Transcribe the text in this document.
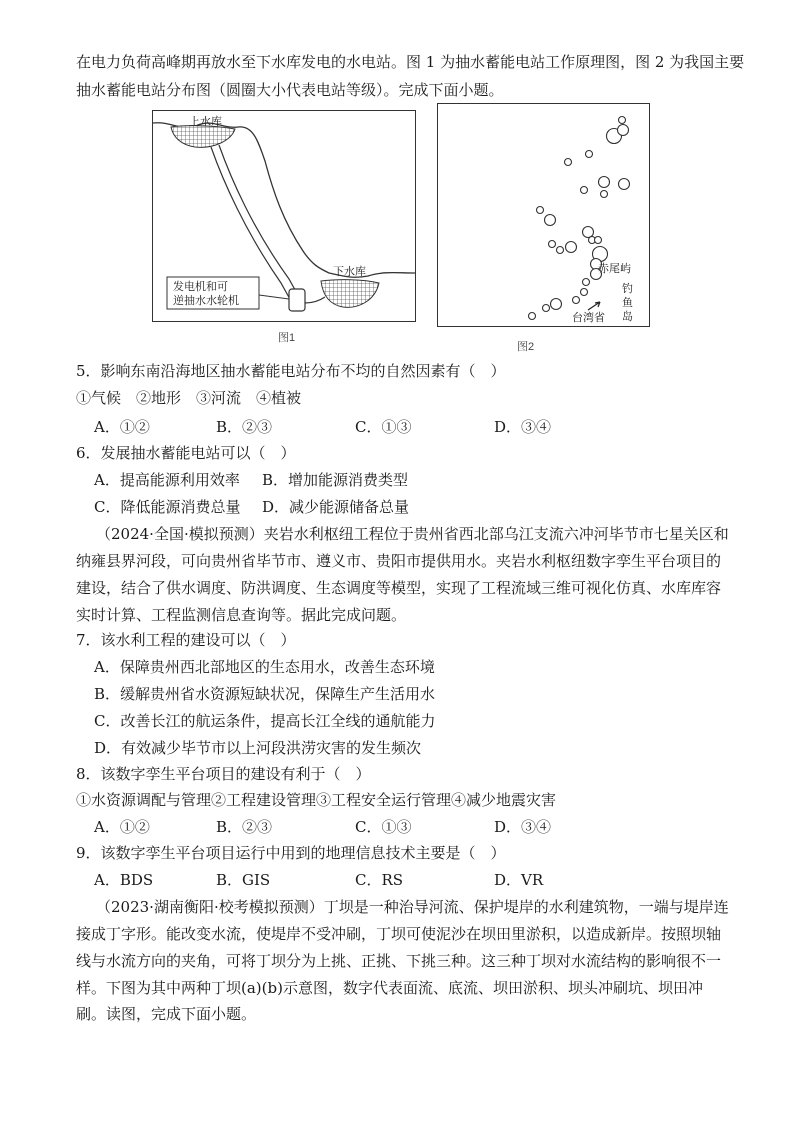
在电力负荷高峰期再放水至下水库发电的水电站。图 1 为抽水蓄能电站工作原理图，图 2 为我国主要
抽水蓄能电站分布图（圆圈大小代表电站等级）。完成下面小题。
上水库
下水库
发电机和可
逆抽水水轮机
图1
赤尾屿
钓
鱼
岛
台湾省
图2
5．影响东南沿海地区抽水蓄能电站分布不均的自然因素有（　）
①气候　②地形　③河流　④植被
A．①②	B．②③	C．①③	D．③④
6．发展抽水蓄能电站可以（　）
A．提高能源利用效率 B．增加能源消费类型
C．降低能源消费总量 D．减少能源储备总量
（2024·全国·模拟预测）夹岩水利枢纽工程位于贵州省西北部乌江支流六冲河毕节市七星关区和
纳雍县界河段，可向贵州省毕节市、遵义市、贵阳市提供用水。夹岩水利枢纽数字孪生平台项目的
建设，结合了供水调度、防洪调度、生态调度等模型，实现了工程流域三维可视化仿真、水库库容
实时计算、工程监测信息查询等。据此完成问题。
7．该水利工程的建设可以（　）
A．保障贵州西北部地区的生态用水，改善生态环境
B．缓解贵州省水资源短缺状况，保障生产生活用水
C．改善长江的航运条件，提高长江全线的通航能力
D．有效减少毕节市以上河段洪涝灾害的发生频次
8．该数字孪生平台项目的建设有利于（　）
①水资源调配与管理②工程建设管理③工程安全运行管理④减少地震灾害
A．①②	B．②③	C．①③	D．③④
9．该数字孪生平台项目运行中用到的地理信息技术主要是（　）
A．BDS	B．GIS	C．RS	D．VR
（2023·湖南衡阳·校考模拟预测）丁坝是一种治导河流、保护堤岸的水利建筑物，一端与堤岸连
接成丁字形。能改变水流，使堤岸不受冲刷，丁坝可使泥沙在坝田里淤积，以造成新岸。按照坝轴
线与水流方向的夹角，可将丁坝分为上挑、正挑、下挑三种。这三种丁坝对水流结构的影响很不一
样。下图为其中两种丁坝(a)(b)示意图，数字代表面流、底流、坝田淤积、坝头冲刷坑、坝田冲
刷。读图，完成下面小题。
